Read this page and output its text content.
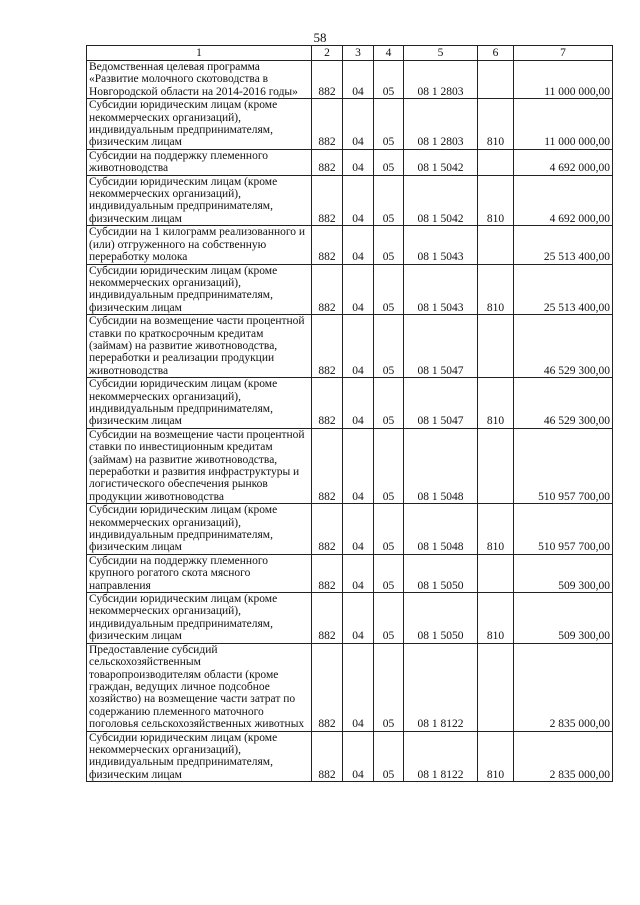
58
1	2	3	4	5	6	7
Ведомственная целевая программа «Развитие молочного скотоводства в Новгородской области на 2014-2016 годы»	882	04	05	08 1 2803		11 000 000,00
Субсидии юридическим лицам (кроме некоммерческих организаций), индивидуальным предпринимателям, физическим лицам	882	04	05	08 1 2803	810	11 000 000,00
Субсидии на поддержку племенного животноводства	882	04	05	08 1 5042		4 692 000,00
Субсидии юридическим лицам (кроме некоммерческих организаций), индивидуальным предпринимателям, физическим лицам	882	04	05	08 1 5042	810	4 692 000,00
Субсидии на 1 килограмм реализованного и (или) отгруженного на собственную переработку молока	882	04	05	08 1 5043		25 513 400,00
Субсидии юридическим лицам (кроме некоммерческих организаций), индивидуальным предпринимателям, физическим лицам	882	04	05	08 1 5043	810	25 513 400,00
Субсидии на возмещение части процентной ставки по краткосрочным кредитам (займам) на развитие животноводства, переработки и реализации продукции животноводства	882	04	05	08 1 5047		46 529 300,00
Субсидии юридическим лицам (кроме некоммерческих организаций), индивидуальным предпринимателям, физическим лицам	882	04	05	08 1 5047	810	46 529 300,00
Субсидии на возмещение части процентной ставки по инвестиционным кредитам (займам) на развитие животноводства, переработки и развития инфраструктуры и логистического обеспечения рынков продукции животноводства	882	04	05	08 1 5048		510 957 700,00
Субсидии юридическим лицам (кроме некоммерческих организаций), индивидуальным предпринимателям, физическим лицам	882	04	05	08 1 5048	810	510 957 700,00
Субсидии на поддержку племенного крупного рогатого скота мясного направления	882	04	05	08 1 5050		509 300,00
Субсидии юридическим лицам (кроме некоммерческих организаций), индивидуальным предпринимателям, физическим лицам	882	04	05	08 1 5050	810	509 300,00
Предоставление субсидий сельскохозяйственным товаропроизводителям области (кроме граждан, ведущих личное подсобное хозяйство) на возмещение части затрат по содержанию племенного маточного поголовья сельскохозяйственных животных	882	04	05	08 1 8122		2 835 000,00
Субсидии юридическим лицам (кроме некоммерческих организаций), индивидуальным предпринимателям, физическим лицам	882	04	05	08 1 8122	810	2 835 000,00
